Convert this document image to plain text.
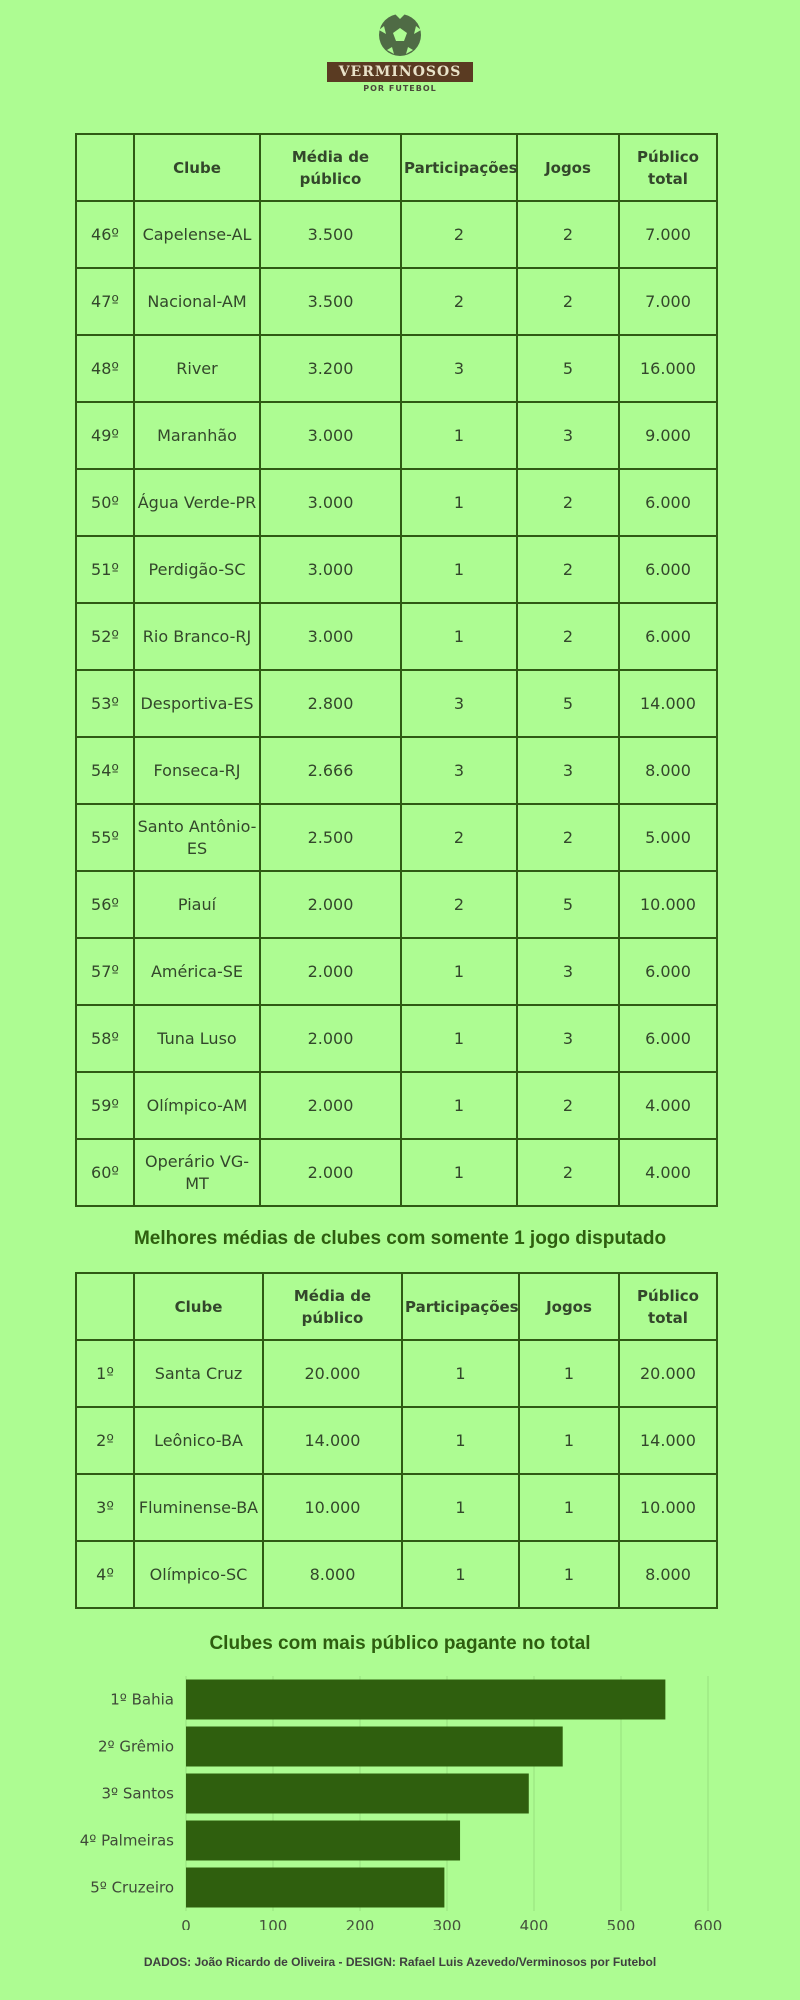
VERMINOSOS
POR FUTEBOL
	Clube	Média de público	Participações	Jogos	Público total
46º	Capelense-AL	3.500	2	2	7.000
47º	Nacional-AM	3.500	2	2	7.000
48º	River	3.200	3	5	16.000
49º	Maranhão	3.000	1	3	9.000
50º	Água Verde-PR	3.000	1	2	6.000
51º	Perdigão-SC	3.000	1	2	6.000
52º	Rio Branco-RJ	3.000	1	2	6.000
53º	Desportiva-ES	2.800	3	5	14.000
54º	Fonseca-RJ	2.666	3	3	8.000
55º	Santo Antônio-ES	2.500	2	2	5.000
56º	Piauí	2.000	2	5	10.000
57º	América-SE	2.000	1	3	6.000
58º	Tuna Luso	2.000	1	3	6.000
59º	Olímpico-AM	2.000	1	2	4.000
60º	Operário VG-MT	2.000	1	2	4.000
Melhores médias de clubes com somente 1 jogo disputado
	Clube	Média de público	Participações	Jogos	Público total
1º	Santa Cruz	20.000	1	1	20.000
2º	Leônico-BA	14.000	1	1	14.000
3º	Fluminense-BA	10.000	1	1	10.000
4º	Olímpico-SC	8.000	1	1	8.000
Clubes com mais público pagante no total
0	100	200	300	400	500	600
1º Bahia
2º Grêmio
3º Santos
4º Palmeiras
5º Cruzeiro
DADOS: João Ricardo de Oliveira - DESIGN: Rafael Luis Azevedo/Verminosos por Futebol
